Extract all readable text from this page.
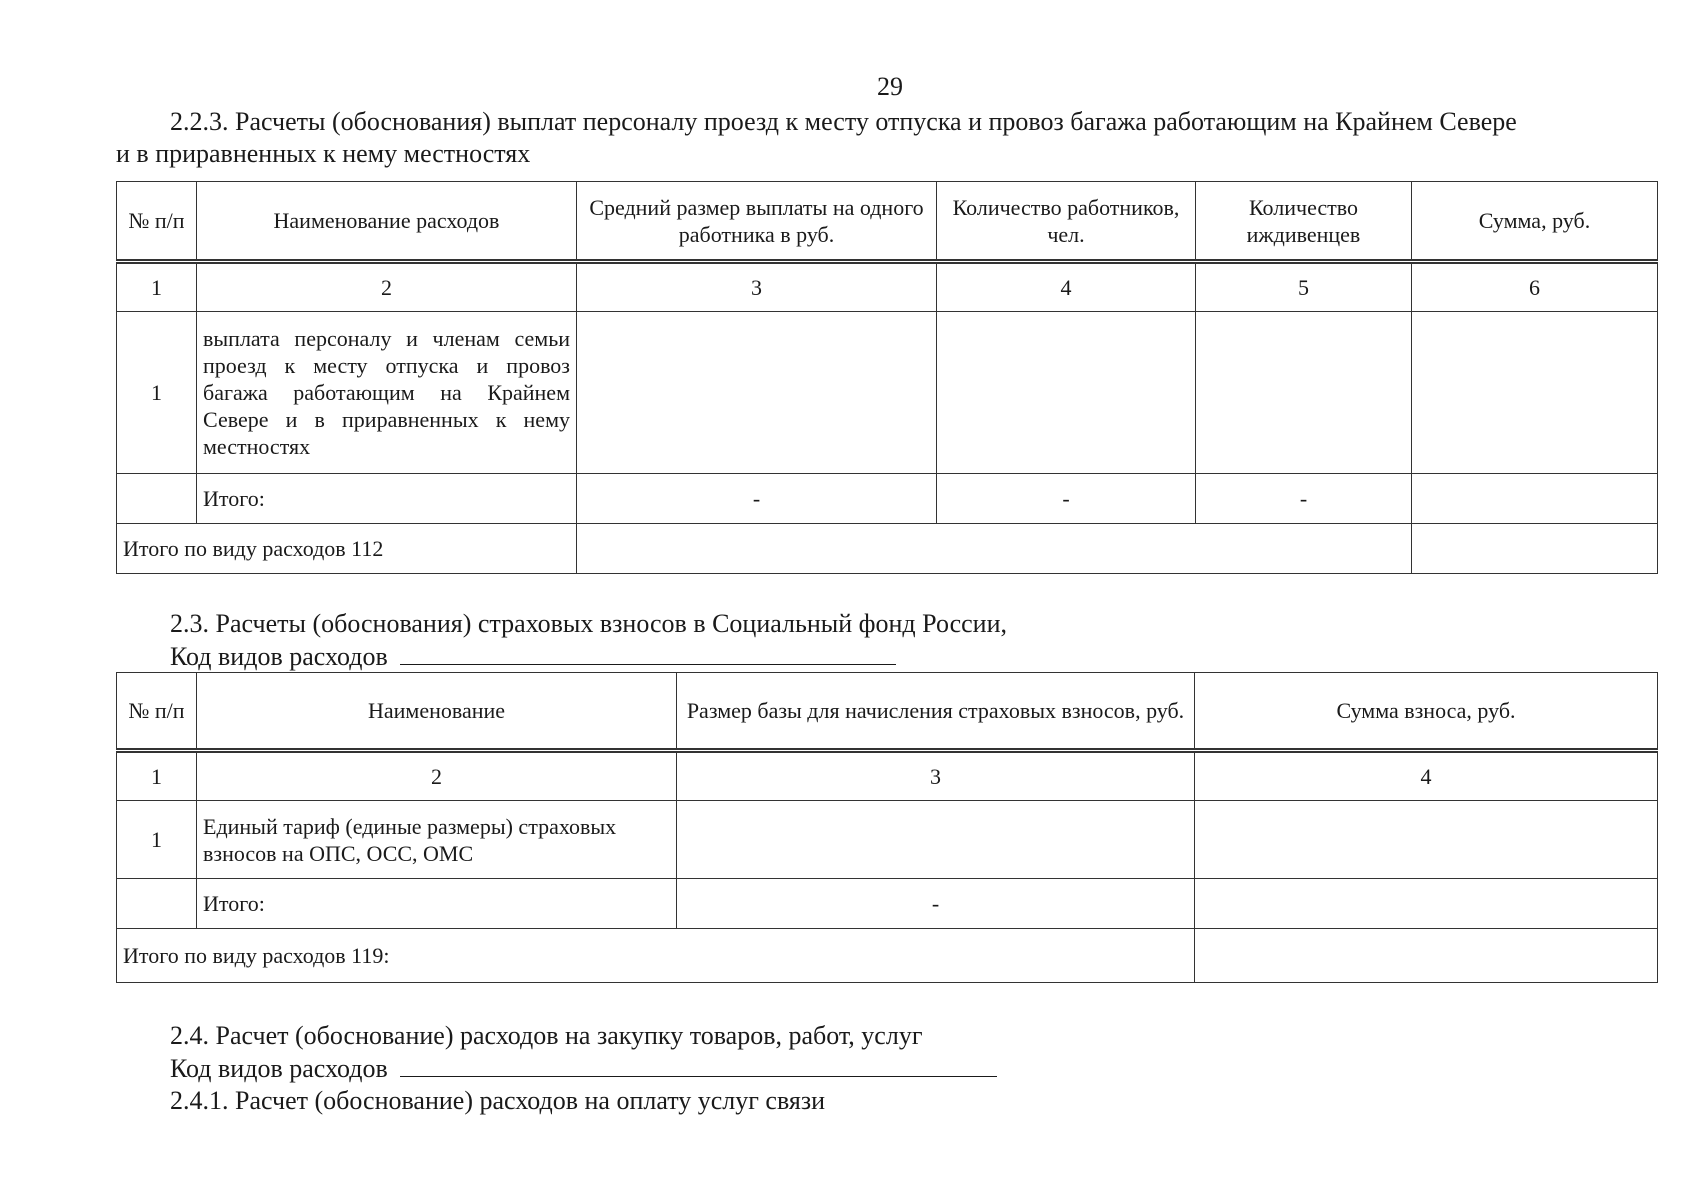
29
2.2.3. Расчеты (обоснования) выплат персоналу проезд к месту отпуска и провоз багажа работающим на Крайнем Севере
и в приравненных к нему местностях
№ п/п	Наименование расходов	Средний размер выплаты на одного работника в руб.	Количество работников, чел.	Количество иждивенцев	Сумма, руб.
1	2	3	4	5	6
1	выплата персоналу и членам семьи проезд к месту отпуска и провоз багажа работающим на Крайнем Севере и в приравненных к нему местностях				
	Итого:	-	-	-	
Итого по виду расходов 112					
2.3. Расчеты (обоснования) страховых взносов в Социальный фонд России,
Код видов расходов
№ п/п	Наименование	Размер базы для начисления страховых взносов, руб.	Сумма взноса, руб.
1	2	3	4
1	Единый тариф (единые размеры) страховых взносов на ОПС, ОСС, ОМС		
	Итого:	-	
Итого по виду расходов 119:			
2.4. Расчет (обоснование) расходов на закупку товаров, работ, услуг
Код видов расходов
2.4.1. Расчет (обоснование) расходов на оплату услуг связи
